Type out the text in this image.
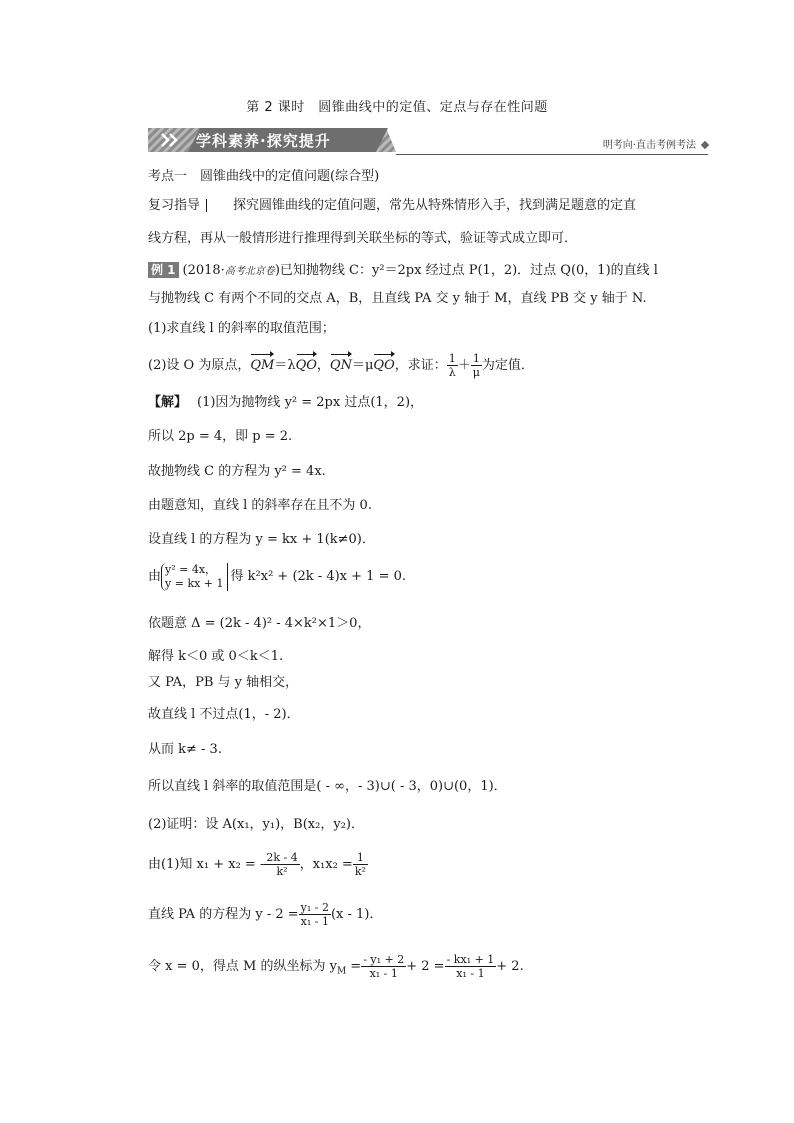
第 2 课时　圆锥曲线中的定值、定点与存在性问题
学科素养·探究提升	明考向·直击考例考法
考点一　圆锥曲线中的定值问题(综合型)
复习指导	探究圆锥曲线的定值问题，常先从特殊情形入手，找到满足题意的定直
线方程，再从一般情形进行推理得到关联坐标的等式，验证等式成立即可．
例 1 (2018·高考北京卷)已知抛物线 C：y²＝2px 经过点 P(1，2)．过点 Q(0，1)的直线 l
与抛物线 C 有两个不同的交点 A，B，且直线 PA 交 y 轴于 M，直线 PB 交 y 轴于 N.
(1)求直线 l 的斜率的取值范围；
(2)设 O 为原点，QM＝λQO，QN＝μQO，求证： $\frac{1}{\lambda} + \frac{1}{\mu}$ 为定值．
【解】 (1)因为抛物线 y² = 2px 过点(1，2)，
所以 2p = 4，即 p = 2.
故抛物线 C 的方程为 y² = 4x.
由题意知，直线 l 的斜率存在且不为 0.
设直线 l 的方程为 y = kx + 1(k≠0)．
由 y² = 4x，
y = kx + 1 得 k²x² + (2k - 4)x + 1 = 0.
依题意 Δ = (2k - 4)² - 4×k²×1＞0，
解得 k＜0 或 0＜k＜1.
又 PA，PB 与 y 轴相交，
故直线 l 不过点(1，- 2)．
从而 k≠ - 3.
所以直线 l 斜率的取值范围是( - ∞，- 3)∪( - 3，0)∪(0，1)．
(2)证明：设 A(x₁，y₁)，B(x₂，y₂)．
由(1)知 x₁ + x₂ = - $\frac{2k - 4}{\text{k²}}$ ，$x_1x_2 = \frac{1}{\text{k²}}$
直线 PA 的方程为 $y - 2 = \frac{\text{y₁ - 2}}{\text{x₁ - 1}} (x - 1)$．
令 x = 0，得点 M 的纵坐标为 $y_M = \frac{\text{- y₁ + 2}}{\text{x₁ - 1}} + 2 = \frac{\text{- kx₁ + 1}}{\text{x₁ - 1}} + 2$.
